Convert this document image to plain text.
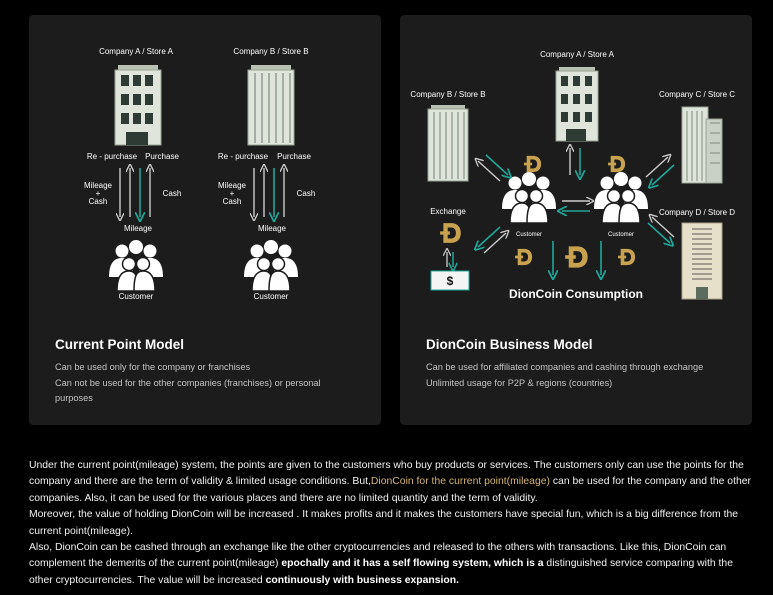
Company A / Store A	Company B / Store B
Re - purchase Purchase
Mileage
+
Cash
Cash
Mileage
Re - purchase Purchase
Mileage
+
Cash
Cash
Mileage
Customer	Customer
Current Point Model
Can be used only for the company or franchises
Can not be used for the other companies (franchises) or personal
purposes
Company A / Store A
Company B / Store B	Company C / Store C
Company D / Store D
Customer	Customer
Exchange
$
DionCoin Consumption
DionCoin Business Model
Can be used for affiliated companies and cashing through exchange
Unlimited usage for P2P & regions (countries)

Under the current point(mileage) system, the points are given to the customers who buy products or services. The customers only can use the points for the company and there are the term of validity & limited usage conditions. But,DionCoin for the current point(mileage) can be used for the company and the other companies. Also, it can be used for the various places and there are no limited quantity and the term of validity.

Moreover, the value of holding DionCoin will be increased . It makes profits and it makes the customers have special fun, which is a big difference from the current point(mileage).

Also, DionCoin can be cashed through an exchange like the other cryptocurrencies and released to the others with transactions. Like this, DionCoin can complement the demerits of the current point(mileage) epochally and it has a self flowing system, which is a distinguished service comparing with the other cryptocurrencies. The value will be increased continuously with business expansion.
